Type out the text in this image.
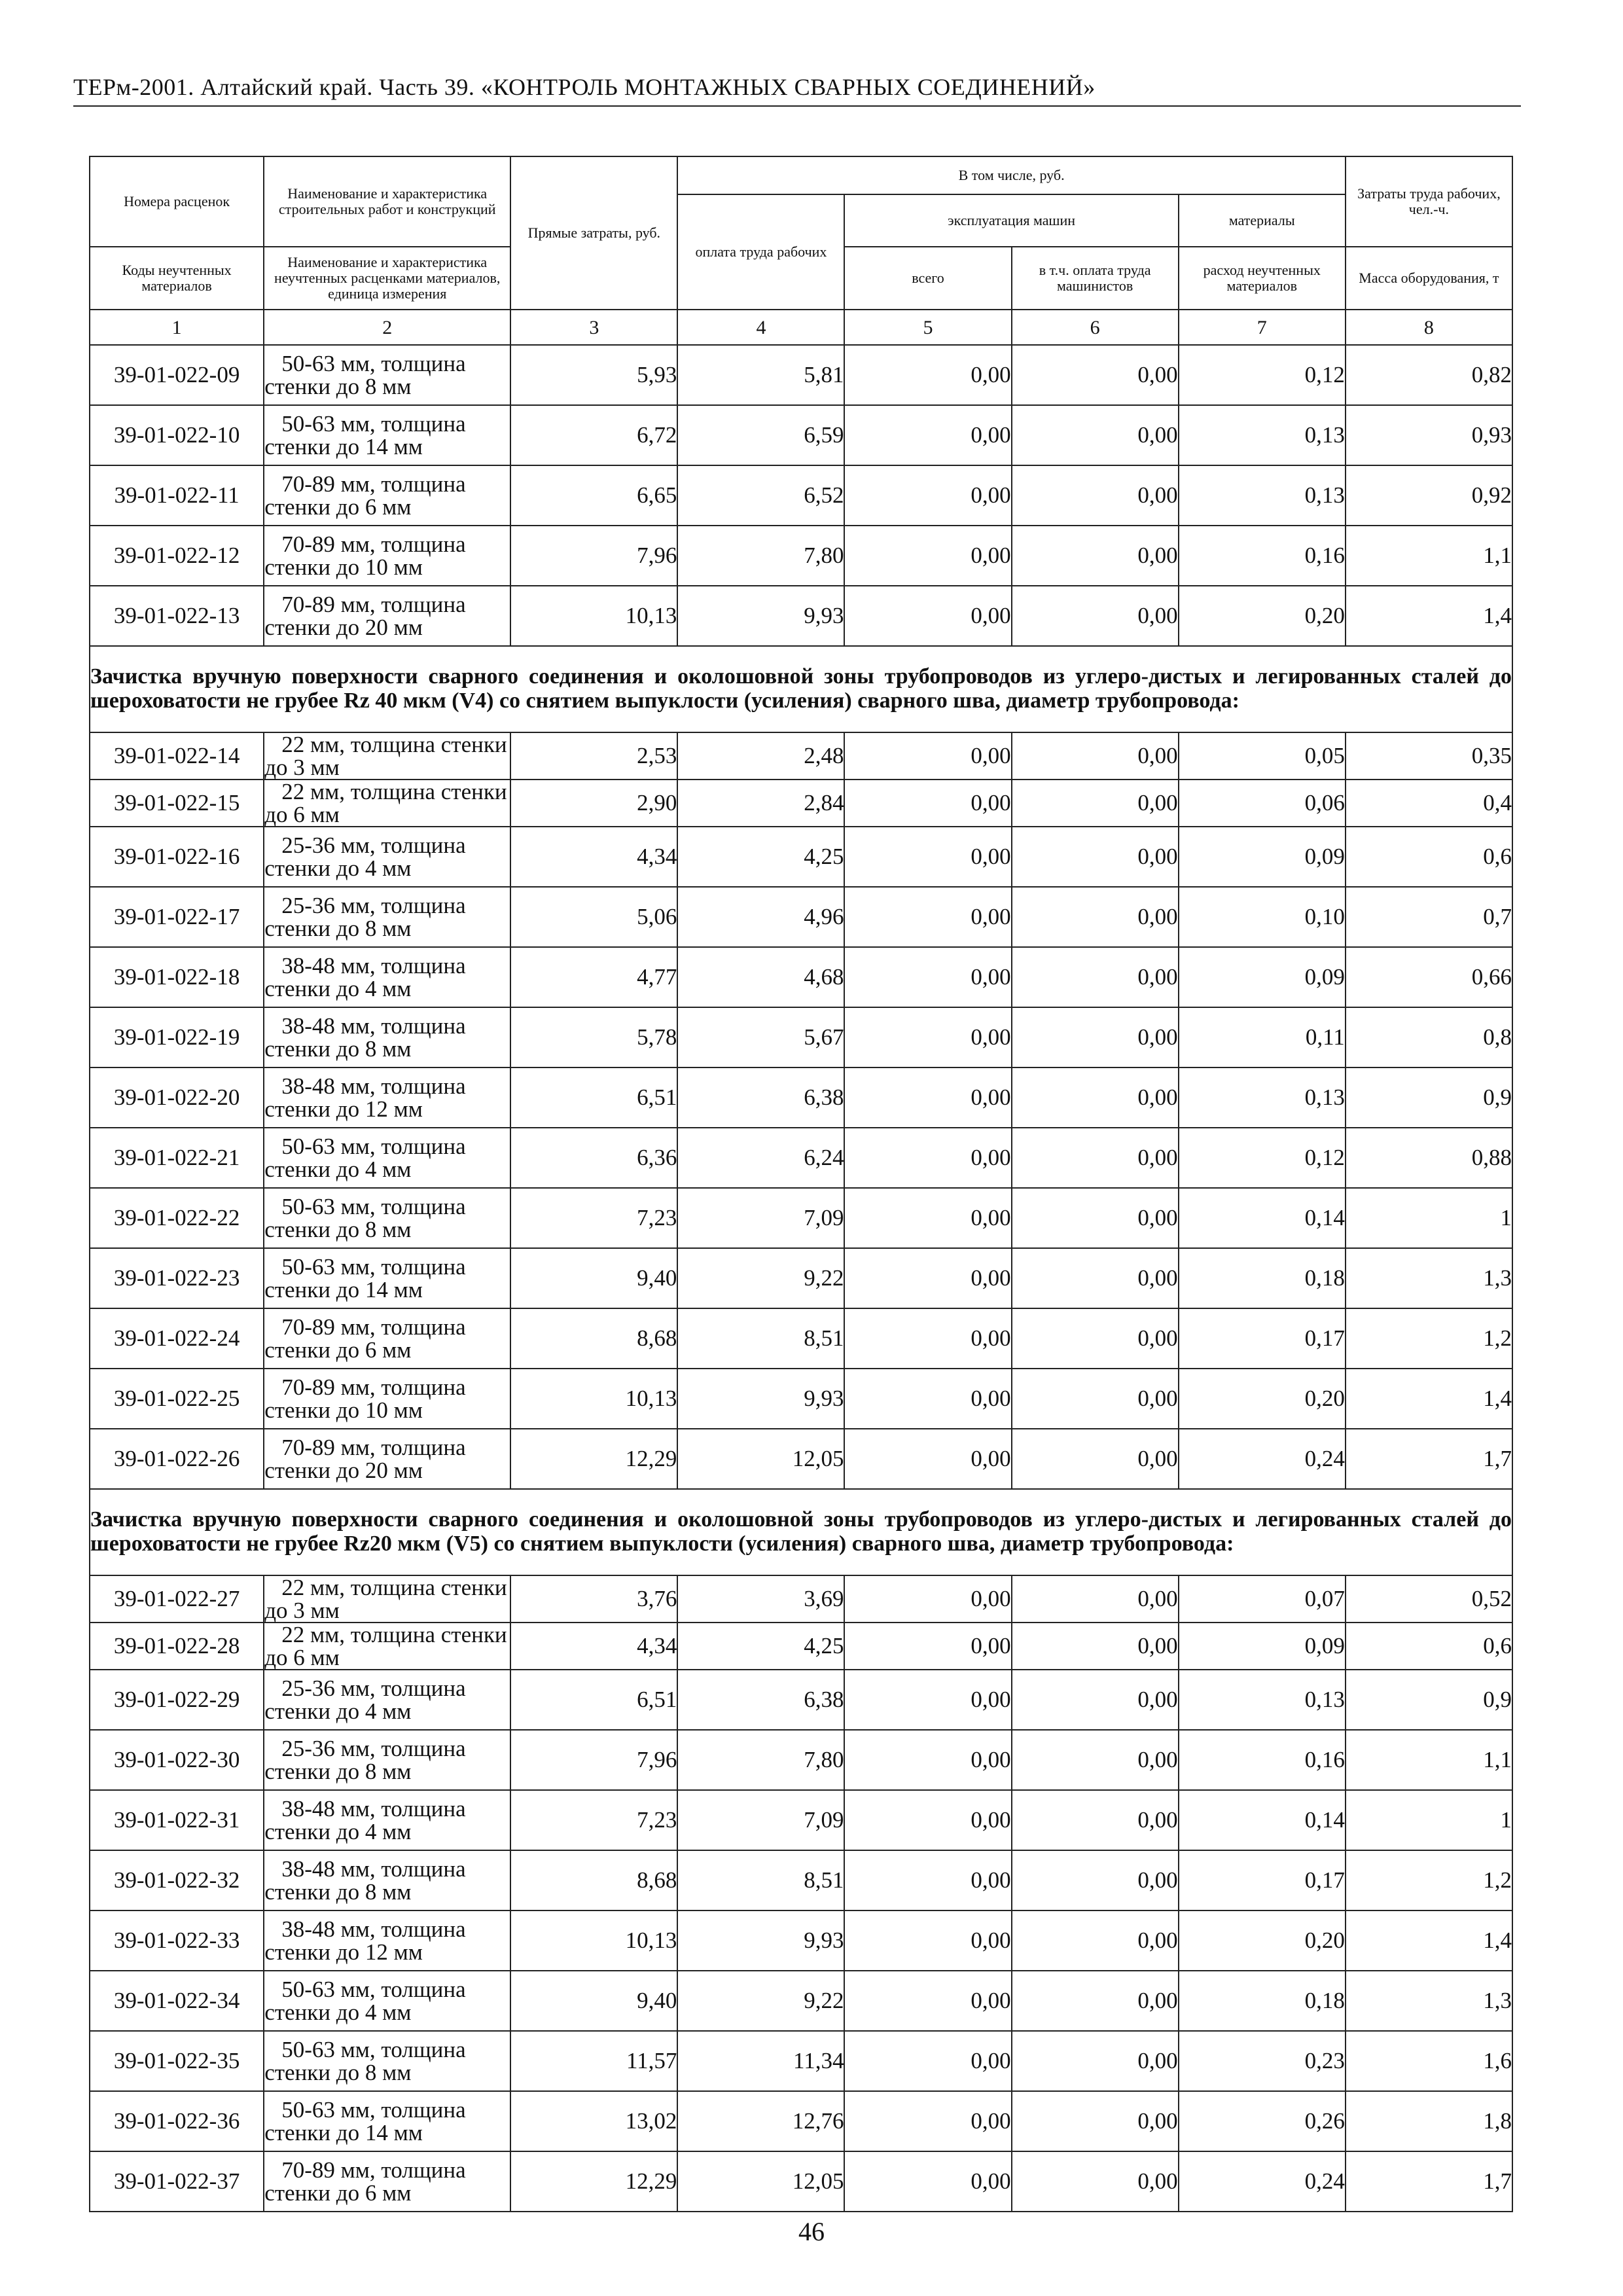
ТЕРм-2001. Алтайский край. Часть 39. «КОНТРОЛЬ МОНТАЖНЫХ СВАРНЫХ СОЕДИНЕНИЙ»
Номера расценок	Наименование и характеристика строительных работ и конструкций	Прямые затраты, руб.	В том числе, руб.				Затраты труда рабочих, чел.-ч.
			оплата труда рабочих	эксплуатация машин		материалы	
Коды неучтенных материалов	Наименование и характеристика неучтенных расценками материалов, единица измерения			всего	в т.ч. оплата труда машинистов	расход неучтенных материалов	Масса оборудования, т
1	2	3	4	5	6	7	8
39-01-022-09	50-63 мм, толщина стенки до 8 мм	5,93	5,81	0,00	0,00	0,12	0,82
39-01-022-10	50-63 мм, толщина стенки до 14 мм	6,72	6,59	0,00	0,00	0,13	0,93
39-01-022-11	70-89 мм, толщина стенки до 6 мм	6,65	6,52	0,00	0,00	0,13	0,92
39-01-022-12	70-89 мм, толщина стенки до 10 мм	7,96	7,80	0,00	0,00	0,16	1,1
39-01-022-13	70-89 мм, толщина стенки до 20 мм	10,13	9,93	0,00	0,00	0,20	1,4
Зачистка вручную поверхности сварного соединения и околошовной зоны трубопроводов из углеро-дистых и легированных сталей до шероховатости не грубее Rz 40 мкм (V4) со снятием выпуклости (усиления) сварного шва, диаметр трубопровода:							
39-01-022-14	22 мм, толщина стенки до 3 мм	2,53	2,48	0,00	0,00	0,05	0,35
39-01-022-15	22 мм, толщина стенки до 6 мм	2,90	2,84	0,00	0,00	0,06	0,4
39-01-022-16	25-36 мм, толщина стенки до 4 мм	4,34	4,25	0,00	0,00	0,09	0,6
39-01-022-17	25-36 мм, толщина стенки до 8 мм	5,06	4,96	0,00	0,00	0,10	0,7
39-01-022-18	38-48 мм, толщина стенки до 4 мм	4,77	4,68	0,00	0,00	0,09	0,66
39-01-022-19	38-48 мм, толщина стенки до 8 мм	5,78	5,67	0,00	0,00	0,11	0,8
39-01-022-20	38-48 мм, толщина стенки до 12 мм	6,51	6,38	0,00	0,00	0,13	0,9
39-01-022-21	50-63 мм, толщина стенки до 4 мм	6,36	6,24	0,00	0,00	0,12	0,88
39-01-022-22	50-63 мм, толщина стенки до 8 мм	7,23	7,09	0,00	0,00	0,14	1
39-01-022-23	50-63 мм, толщина стенки до 14 мм	9,40	9,22	0,00	0,00	0,18	1,3
39-01-022-24	70-89 мм, толщина стенки до 6 мм	8,68	8,51	0,00	0,00	0,17	1,2
39-01-022-25	70-89 мм, толщина стенки до 10 мм	10,13	9,93	0,00	0,00	0,20	1,4
39-01-022-26	70-89 мм, толщина стенки до 20 мм	12,29	12,05	0,00	0,00	0,24	1,7
Зачистка вручную поверхности сварного соединения и околошовной зоны трубопроводов из углеро-дистых и легированных сталей до шероховатости не грубее Rz20 мкм (V5) со снятием выпуклости (усиления) сварного шва, диаметр трубопровода:							
39-01-022-27	22 мм, толщина стенки до 3 мм	3,76	3,69	0,00	0,00	0,07	0,52
39-01-022-28	22 мм, толщина стенки до 6 мм	4,34	4,25	0,00	0,00	0,09	0,6
39-01-022-29	25-36 мм, толщина стенки до 4 мм	6,51	6,38	0,00	0,00	0,13	0,9
39-01-022-30	25-36 мм, толщина стенки до 8 мм	7,96	7,80	0,00	0,00	0,16	1,1
39-01-022-31	38-48 мм, толщина стенки до 4 мм	7,23	7,09	0,00	0,00	0,14	1
39-01-022-32	38-48 мм, толщина стенки до 8 мм	8,68	8,51	0,00	0,00	0,17	1,2
39-01-022-33	38-48 мм, толщина стенки до 12 мм	10,13	9,93	0,00	0,00	0,20	1,4
39-01-022-34	50-63 мм, толщина стенки до 4 мм	9,40	9,22	0,00	0,00	0,18	1,3
39-01-022-35	50-63 мм, толщина стенки до 8 мм	11,57	11,34	0,00	0,00	0,23	1,6
39-01-022-36	50-63 мм, толщина стенки до 14 мм	13,02	12,76	0,00	0,00	0,26	1,8
39-01-022-37	70-89 мм, толщина стенки до 6 мм	12,29	12,05	0,00	0,00	0,24	1,7
46
